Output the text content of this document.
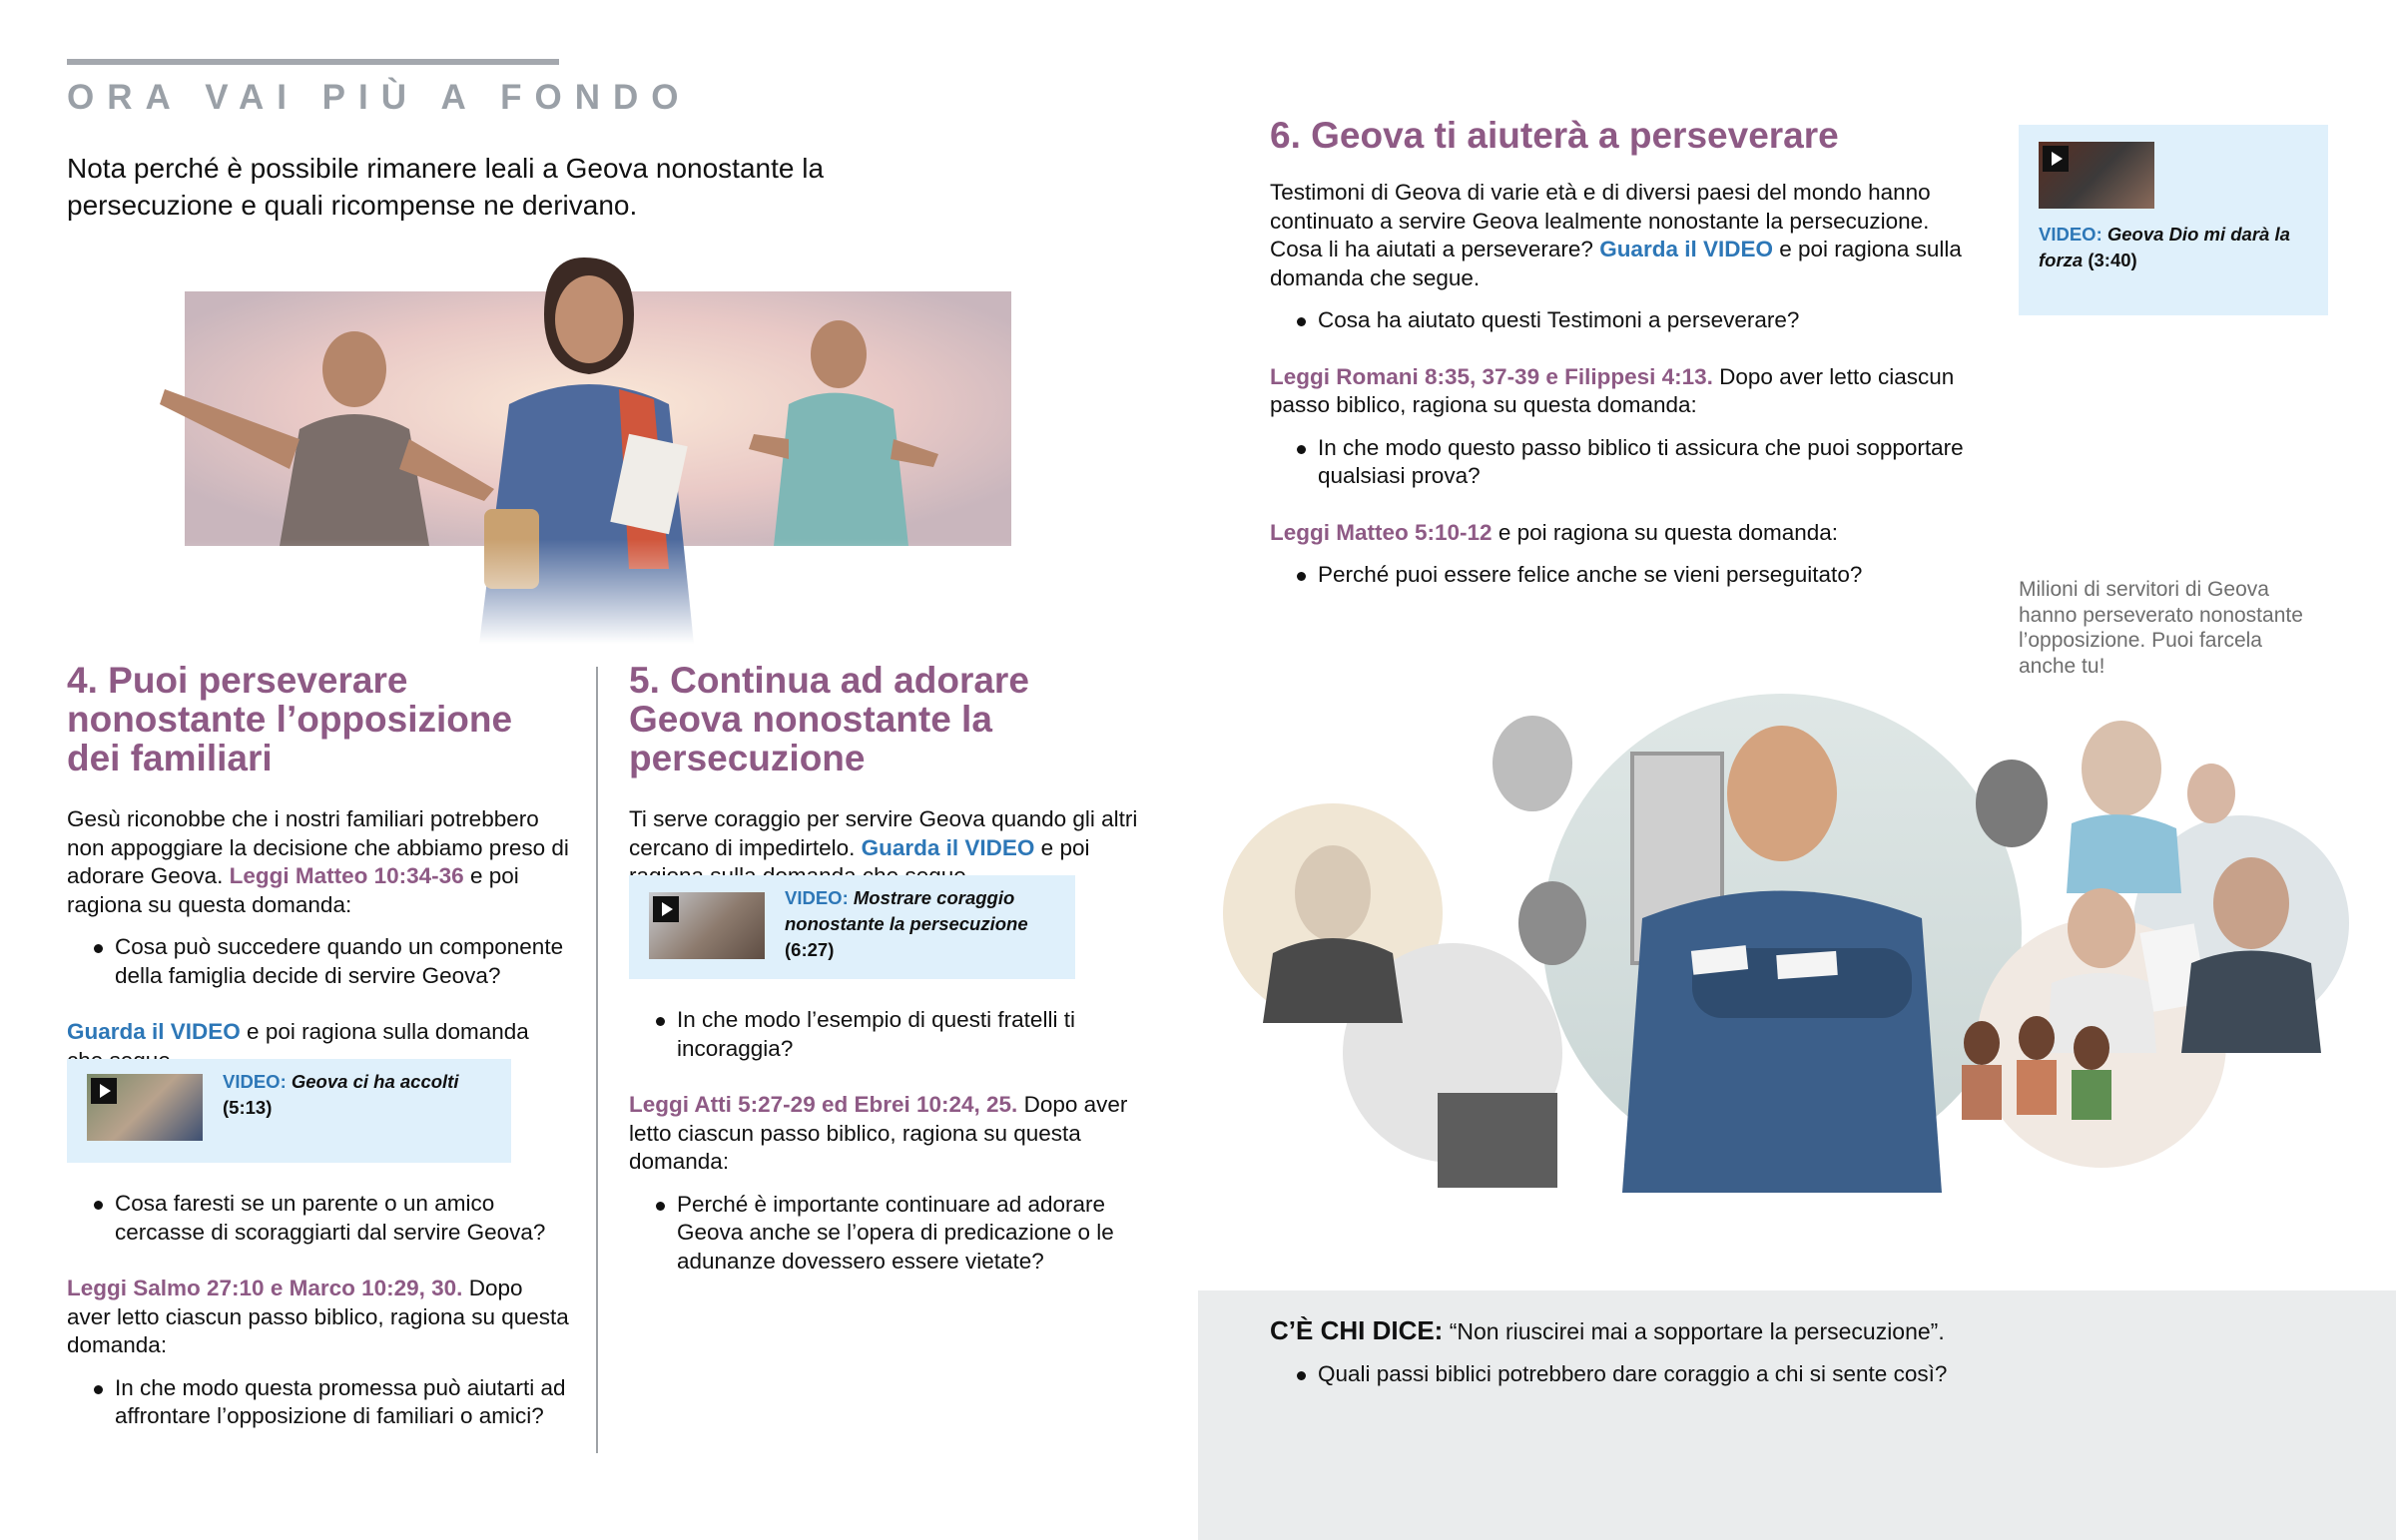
ORA VAI PIÙ A FONDO
Nota perché è possibile rimanere leali a Geova nonostante la persecuzione e quali ricompense ne derivano.
4. Puoi perseverare nonostante l’opposizione dei familiari

Gesù riconobbe che i nostri familiari potrebbero non appoggiare la decisione che abbiamo preso di adorare Geova. Leggi Matteo 10:34-36 e poi ragiona su questa domanda:

Cosa può succedere quando un componente della famiglia decide di servire Geova?

Guarda il VIDEO e poi ragiona sulla domanda

VIDEO: Geova ci ha accolti
(5:13)
Cosa faresti se un parente o un amico cercasse di scoraggiarti dal servire Geova?

Leggi Salmo 27:10 e Marco 10:29, 30. Dopo aver letto ciascun passo biblico, ragiona su questa domanda:

In che modo questa promessa può aiutarti ad affrontare l’opposizione di familiari o amici?
5. Continua ad adorare Geova nonostante la persecuzione

Ti serve coraggio per servire Geova quando gli altri cercano di impedirtelo. Guarda il VIDEO e poi

VIDEO: Mostrare coraggio nonostante la persecuzione
(6:27)
In che modo l’esempio di questi fratelli ti incoraggia?

Leggi Atti 5:27-29 ed Ebrei 10:24, 25. Dopo aver letto ciascun passo biblico, ragiona su questa domanda:

Perché è importante continuare ad adorare Geova anche se l’opera di predicazione o le adunanze dovessero essere vietate?
6. Geova ti aiuterà a perseverare

Testimoni di Geova di varie età e di diversi paesi del mondo hanno continuato a servire Geova lealmente nonostante la persecuzione. Cosa li ha aiutati a perseverare? Guarda il VIDEO e poi ragiona sulla domanda che segue.

Cosa ha aiutato questi Testimoni a perseverare?

Leggi Romani 8:35, 37-39 e Filippesi 4:13. Dopo aver letto ciascun passo biblico, ragiona su questa domanda:

In che modo questo passo biblico ti assicura che puoi sopportare qualsiasi prova?

Leggi Matteo 5:10-12 e poi ragiona su questa domanda:

Perché puoi essere felice anche se vieni perseguitato?
VIDEO: Geova Dio mi darà la forza (3:40)
Milioni di servitori di Geova hanno perseverato nonostante l’opposizione. Puoi farcela anche tu!

C’È CHI DICE: “Non riuscirei mai a sopportare la persecuzione”.

Quali passi biblici potrebbero dare coraggio a chi si sente così?
